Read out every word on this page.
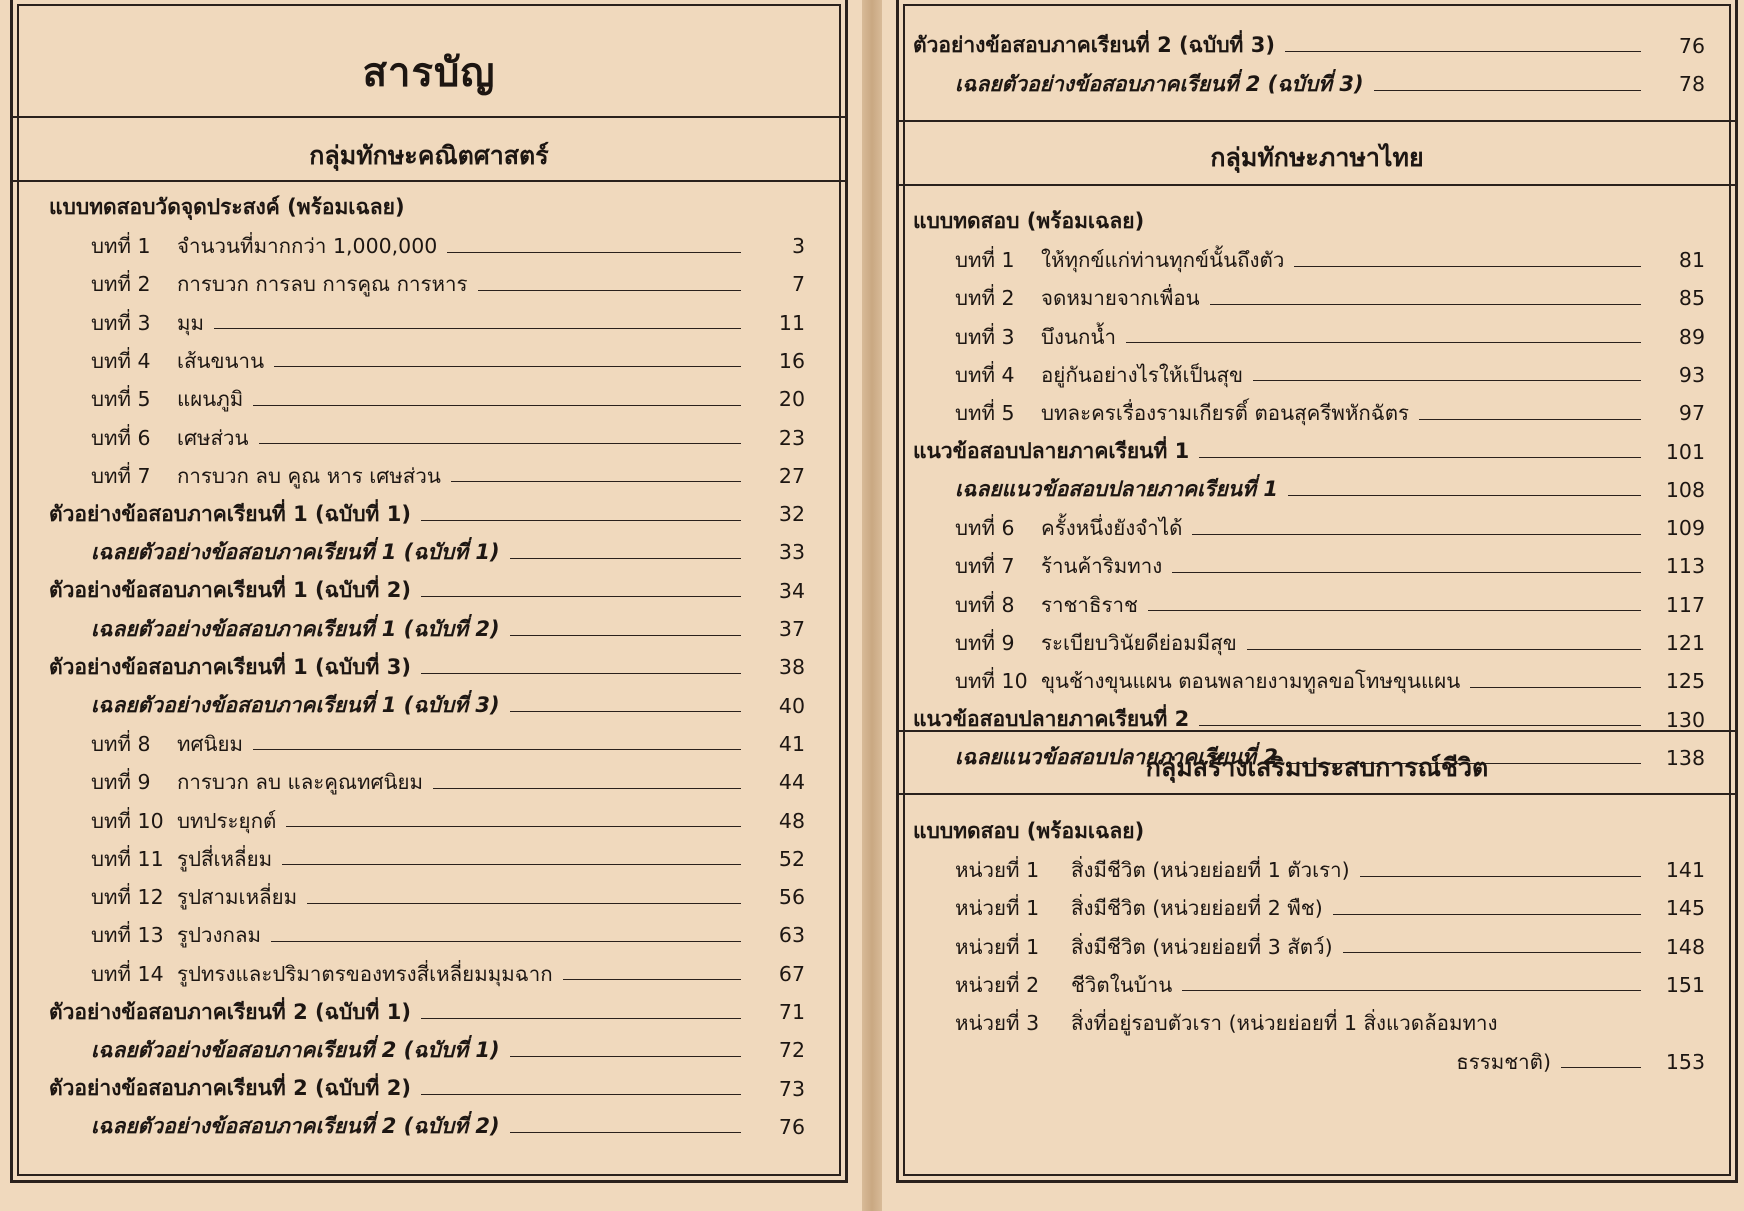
สารบัญ
กลุ่มทักษะคณิตศาสตร์
แบบทดสอบวัดจุดประสงค์ (พร้อมเฉลย)
บทที่ 1 จำนวนที่มากกว่า 1,000,000	3
บทที่ 2 การบวก การลบ การคูณ การหาร	7
บทที่ 3 มุม	11
บทที่ 4 เส้นขนาน	16
บทที่ 5 แผนภูมิ	20
บทที่ 6 เศษส่วน	23
บทที่ 7 การบวก ลบ คูณ หาร เศษส่วน	27
ตัวอย่างข้อสอบภาคเรียนที่ 1 (ฉบับที่ 1)	32
เฉลยตัวอย่างข้อสอบภาคเรียนที่ 1 (ฉบับที่ 1)	33
ตัวอย่างข้อสอบภาคเรียนที่ 1 (ฉบับที่ 2)	34
เฉลยตัวอย่างข้อสอบภาคเรียนที่ 1 (ฉบับที่ 2)	37
ตัวอย่างข้อสอบภาคเรียนที่ 1 (ฉบับที่ 3)	38
เฉลยตัวอย่างข้อสอบภาคเรียนที่ 1 (ฉบับที่ 3)	40
บทที่ 8 ทศนิยม	41
บทที่ 9 การบวก ลบ และคูณทศนิยม	44
บทที่ 10 บทประยุกต์	48
บทที่ 11 รูปสี่เหลี่ยม	52
บทที่ 12 รูปสามเหลี่ยม	56
บทที่ 13 รูปวงกลม	63
บทที่ 14 รูปทรงและปริมาตรของทรงสี่เหลี่ยมมุมฉาก	67
ตัวอย่างข้อสอบภาคเรียนที่ 2 (ฉบับที่ 1)	71
เฉลยตัวอย่างข้อสอบภาคเรียนที่ 2 (ฉบับที่ 1)	72
ตัวอย่างข้อสอบภาคเรียนที่ 2 (ฉบับที่ 2)	73
เฉลยตัวอย่างข้อสอบภาคเรียนที่ 2 (ฉบับที่ 2)	76
ตัวอย่างข้อสอบภาคเรียนที่ 2 (ฉบับที่ 3)	76
เฉลยตัวอย่างข้อสอบภาคเรียนที่ 2 (ฉบับที่ 3)	78
กลุ่มทักษะภาษาไทย
แบบทดสอบ (พร้อมเฉลย)
บทที่ 1 ให้ทุกข์แก่ท่านทุกข์นั้นถึงตัว	81
บทที่ 2 จดหมายจากเพื่อน	85
บทที่ 3 บึงนกน้ำ	89
บทที่ 4 อยู่กันอย่างไรให้เป็นสุข	93
บทที่ 5 บทละครเรื่องรามเกียรติ์ ตอนสุครีพหักฉัตร	97
แนวข้อสอบปลายภาคเรียนที่ 1	101
เฉลยแนวข้อสอบปลายภาคเรียนที่ 1	108
บทที่ 6 ครั้งหนึ่งยังจำได้	109
บทที่ 7 ร้านค้าริมทาง	113
บทที่ 8 ราชาธิราช	117
บทที่ 9 ระเบียบวินัยดีย่อมมีสุข	121
บทที่ 10 ขุนช้างขุนแผน ตอนพลายงามทูลขอโทษขุนแผน	125
แนวข้อสอบปลายภาคเรียนที่ 2	130
เฉลยแนวข้อสอบปลายภาคเรียนที่ 2	138
กลุ่มสร้างเสริมประสบการณ์ชีวิต
แบบทดสอบ (พร้อมเฉลย)
หน่วยที่ 1 สิ่งมีชีวิต (หน่วยย่อยที่ 1 ตัวเรา)	141
หน่วยที่ 1 สิ่งมีชีวิต (หน่วยย่อยที่ 2 พืช)	145
หน่วยที่ 1 สิ่งมีชีวิต (หน่วยย่อยที่ 3 สัตว์)	148
หน่วยที่ 2 ชีวิตในบ้าน	151
หน่วยที่ 3 สิ่งที่อยู่รอบตัวเรา (หน่วยย่อยที่ 1 สิ่งแวดล้อมทาง
ธรรมชาติ)	153
